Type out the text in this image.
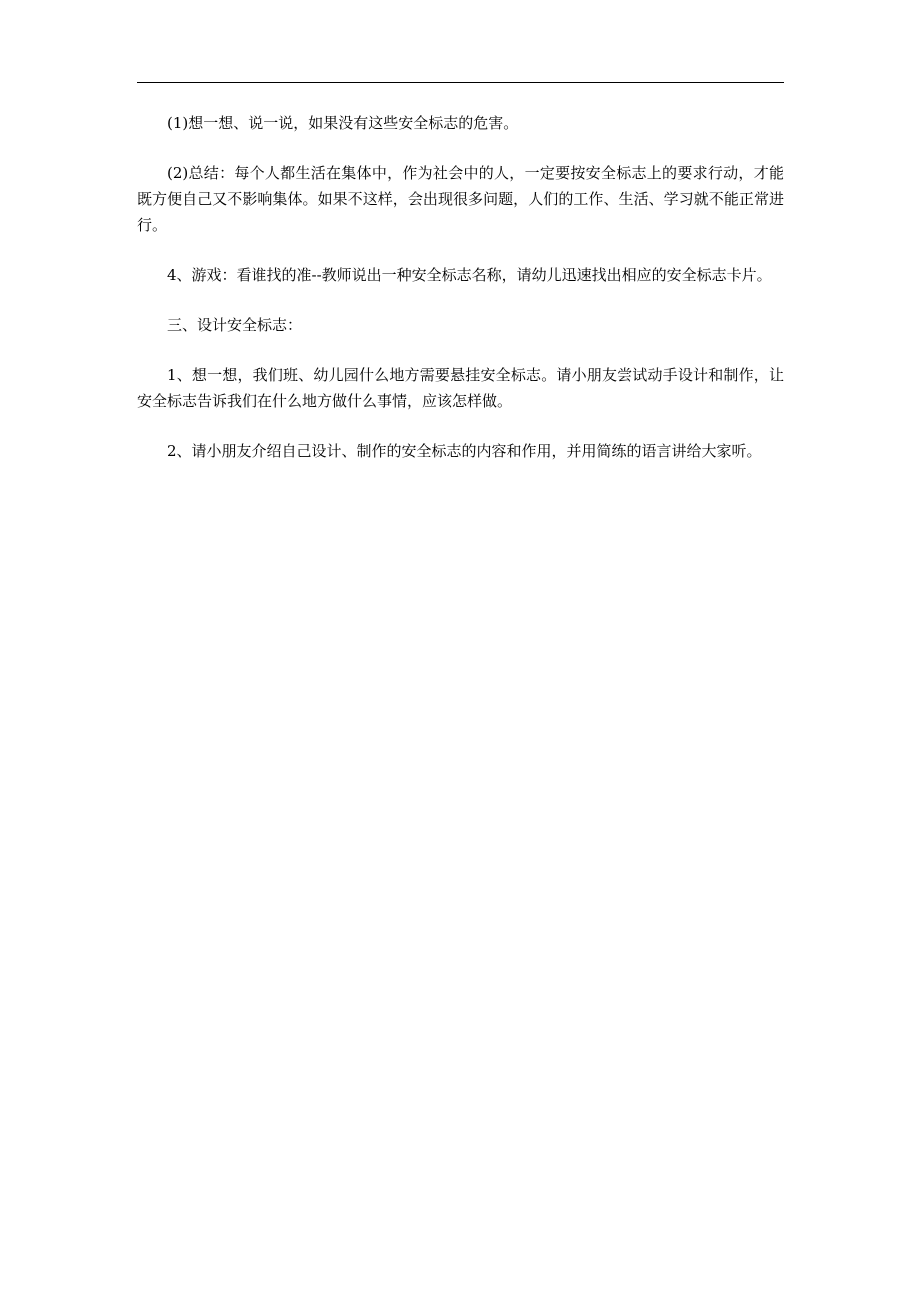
(1)想一想、说一说，如果没有这些安全标志的危害。

(2)总结：每个人都生活在集体中，作为社会中的人，一定要按安全标志上的要求行动，才能既方便自己又不影响集体。如果不这样，会出现很多问题，人们的工作、生活、学习就不能正常进行。

4、游戏：看谁找的准--教师说出一种安全标志名称，请幼儿迅速找出相应的安全标志卡片。

三、设计安全标志：

1、想一想，我们班、幼儿园什么地方需要悬挂安全标志。请小朋友尝试动手设计和制作，让安全标志告诉我们在什么地方做什么事情，应该怎样做。

2、请小朋友介绍自己设计、制作的安全标志的内容和作用，并用简练的语言讲给大家听。
